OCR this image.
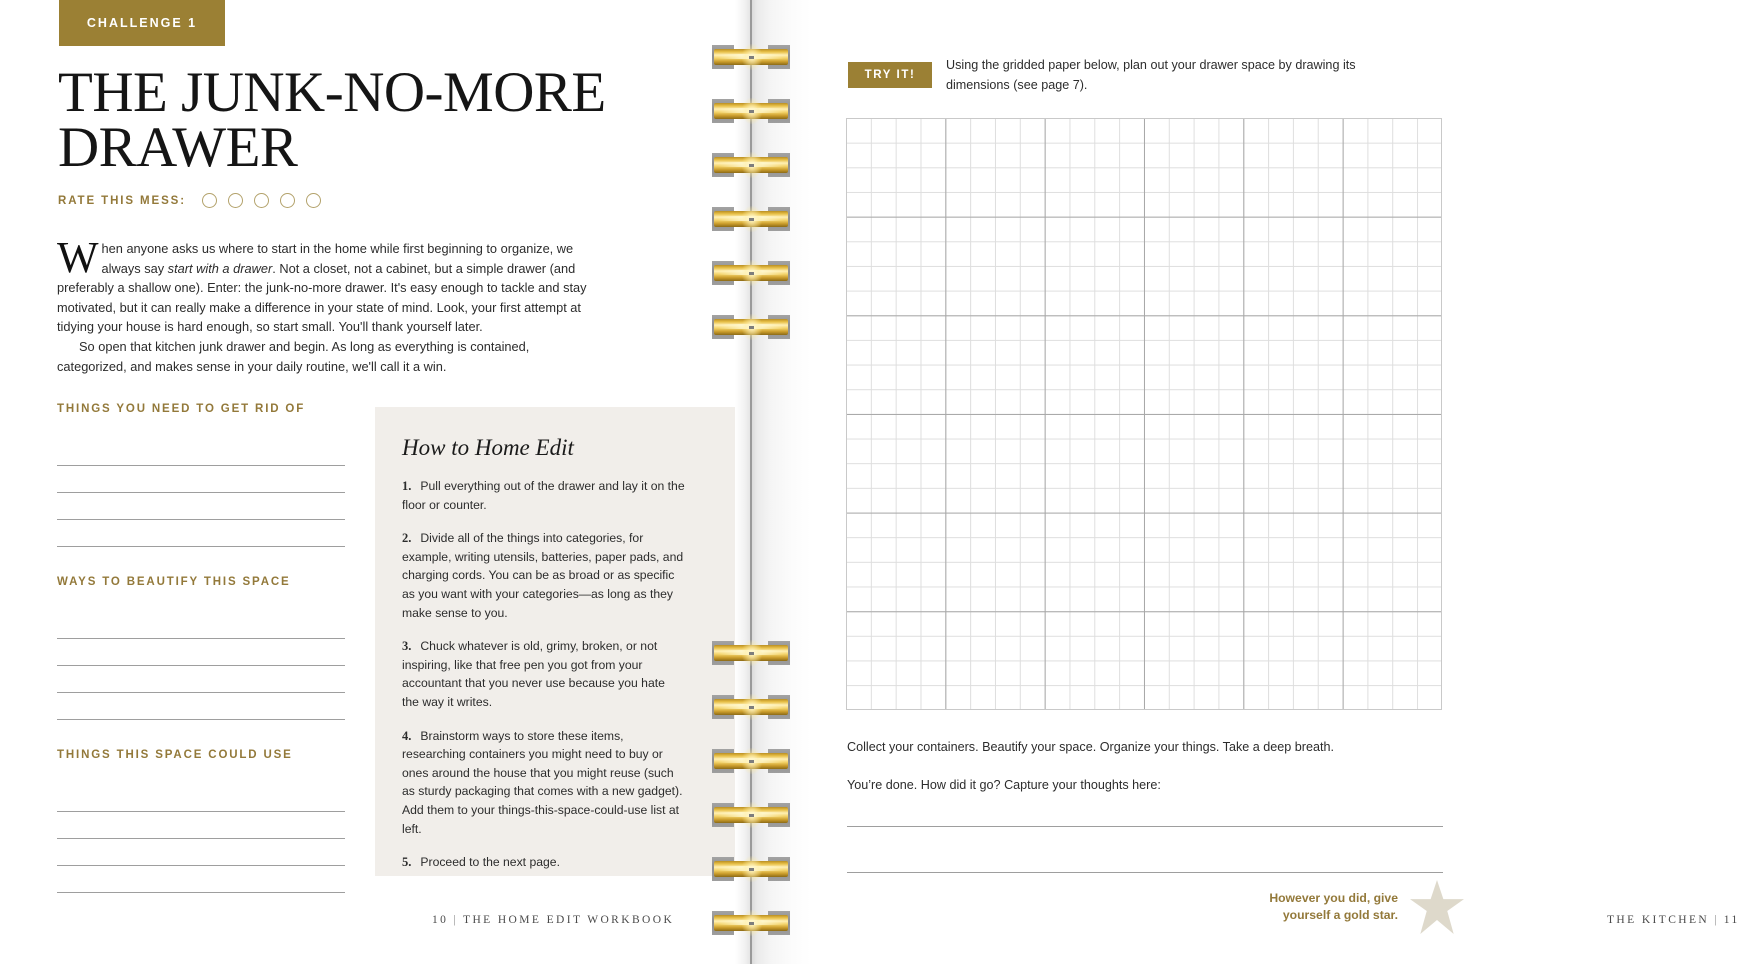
CHALLENGE 1
THE JUNK-NO-MORE DRAWER
RATE THIS MESS:

When anyone asks us where to start in the home while first beginning to organize, we always say start with a drawer. Not a closet, not a cabinet, but a simple drawer (and preferably a shallow one). Enter: the junk-no-more drawer. It's easy enough to tackle and stay motivated, but it can really make a difference in your state of mind. Look, your first attempt at tidying your house is hard enough, so start small. You'll thank yourself later.

So open that kitchen junk drawer and begin. As long as everything is contained, categorized, and makes sense in your daily routine, we'll call it a win.

THINGS YOU NEED TO GET RID OF
WAYS TO BEAUTIFY THIS SPACE
THINGS THIS SPACE COULD USE
10 | THE HOME EDIT WORKBOOK
How to Home Edit
1. Pull everything out of the drawer and lay it on the floor or counter.
2. Divide all of the things into categories, for example, writing utensils, batteries, paper pads, and charging cords. You can be as broad or as specific as you want with your categories—as long as they make sense to you.
3. Chuck whatever is old, grimy, broken, or not inspiring, like that free pen you got from your accountant that you never use because you hate the way it writes.
4. Brainstorm ways to store these items, researching containers you might need to buy or ones around the house that you might reuse (such as sturdy packaging that comes with a new gadget). Add them to your things-this-space-could-use list at left.
5. Proceed to the next page.
TRY IT!
Using the gridded paper below, plan out your drawer space by drawing its dimensions (see page 7).
Collect your containers. Beautify your space. Organize your things. Take a deep breath.
You’re done. How did it go? Capture your thoughts here:
However you did, give yourself a gold star.	THE KITCHEN | 11
